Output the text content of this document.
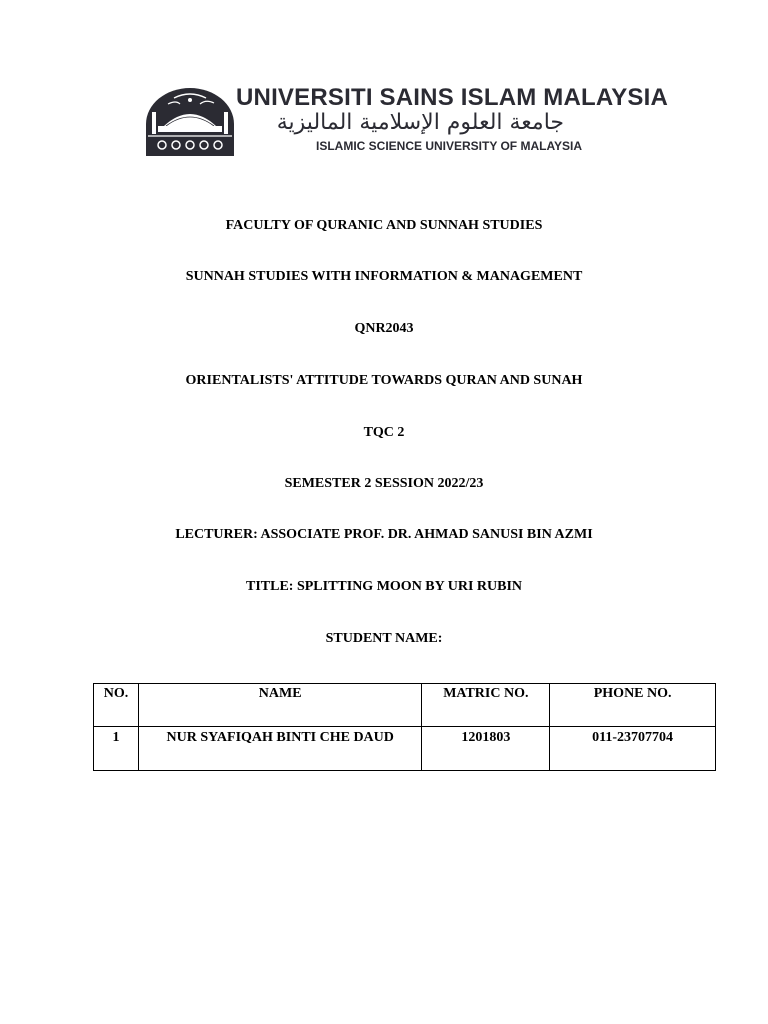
UNIVERSITI SAINS ISLAM MALAYSIA
جامعة العلوم الإسلامية الماليزية
ISLAMIC SCIENCE UNIVERSITY OF MALAYSIA
FACULTY OF QURANIC AND SUNNAH STUDIES
SUNNAH STUDIES WITH INFORMATION & MANAGEMENT
QNR2043
ORIENTALISTS' ATTITUDE TOWARDS QURAN AND SUNAH
TQC 2
SEMESTER 2 SESSION 2022/23
LECTURER: ASSOCIATE PROF. DR. AHMAD SANUSI BIN AZMI
TITLE: SPLITTING MOON BY URI RUBIN
STUDENT NAME:
NO.	NAME	MATRIC NO.	PHONE NO.
1	NUR SYAFIQAH BINTI CHE DAUD	1201803	011-23707704
